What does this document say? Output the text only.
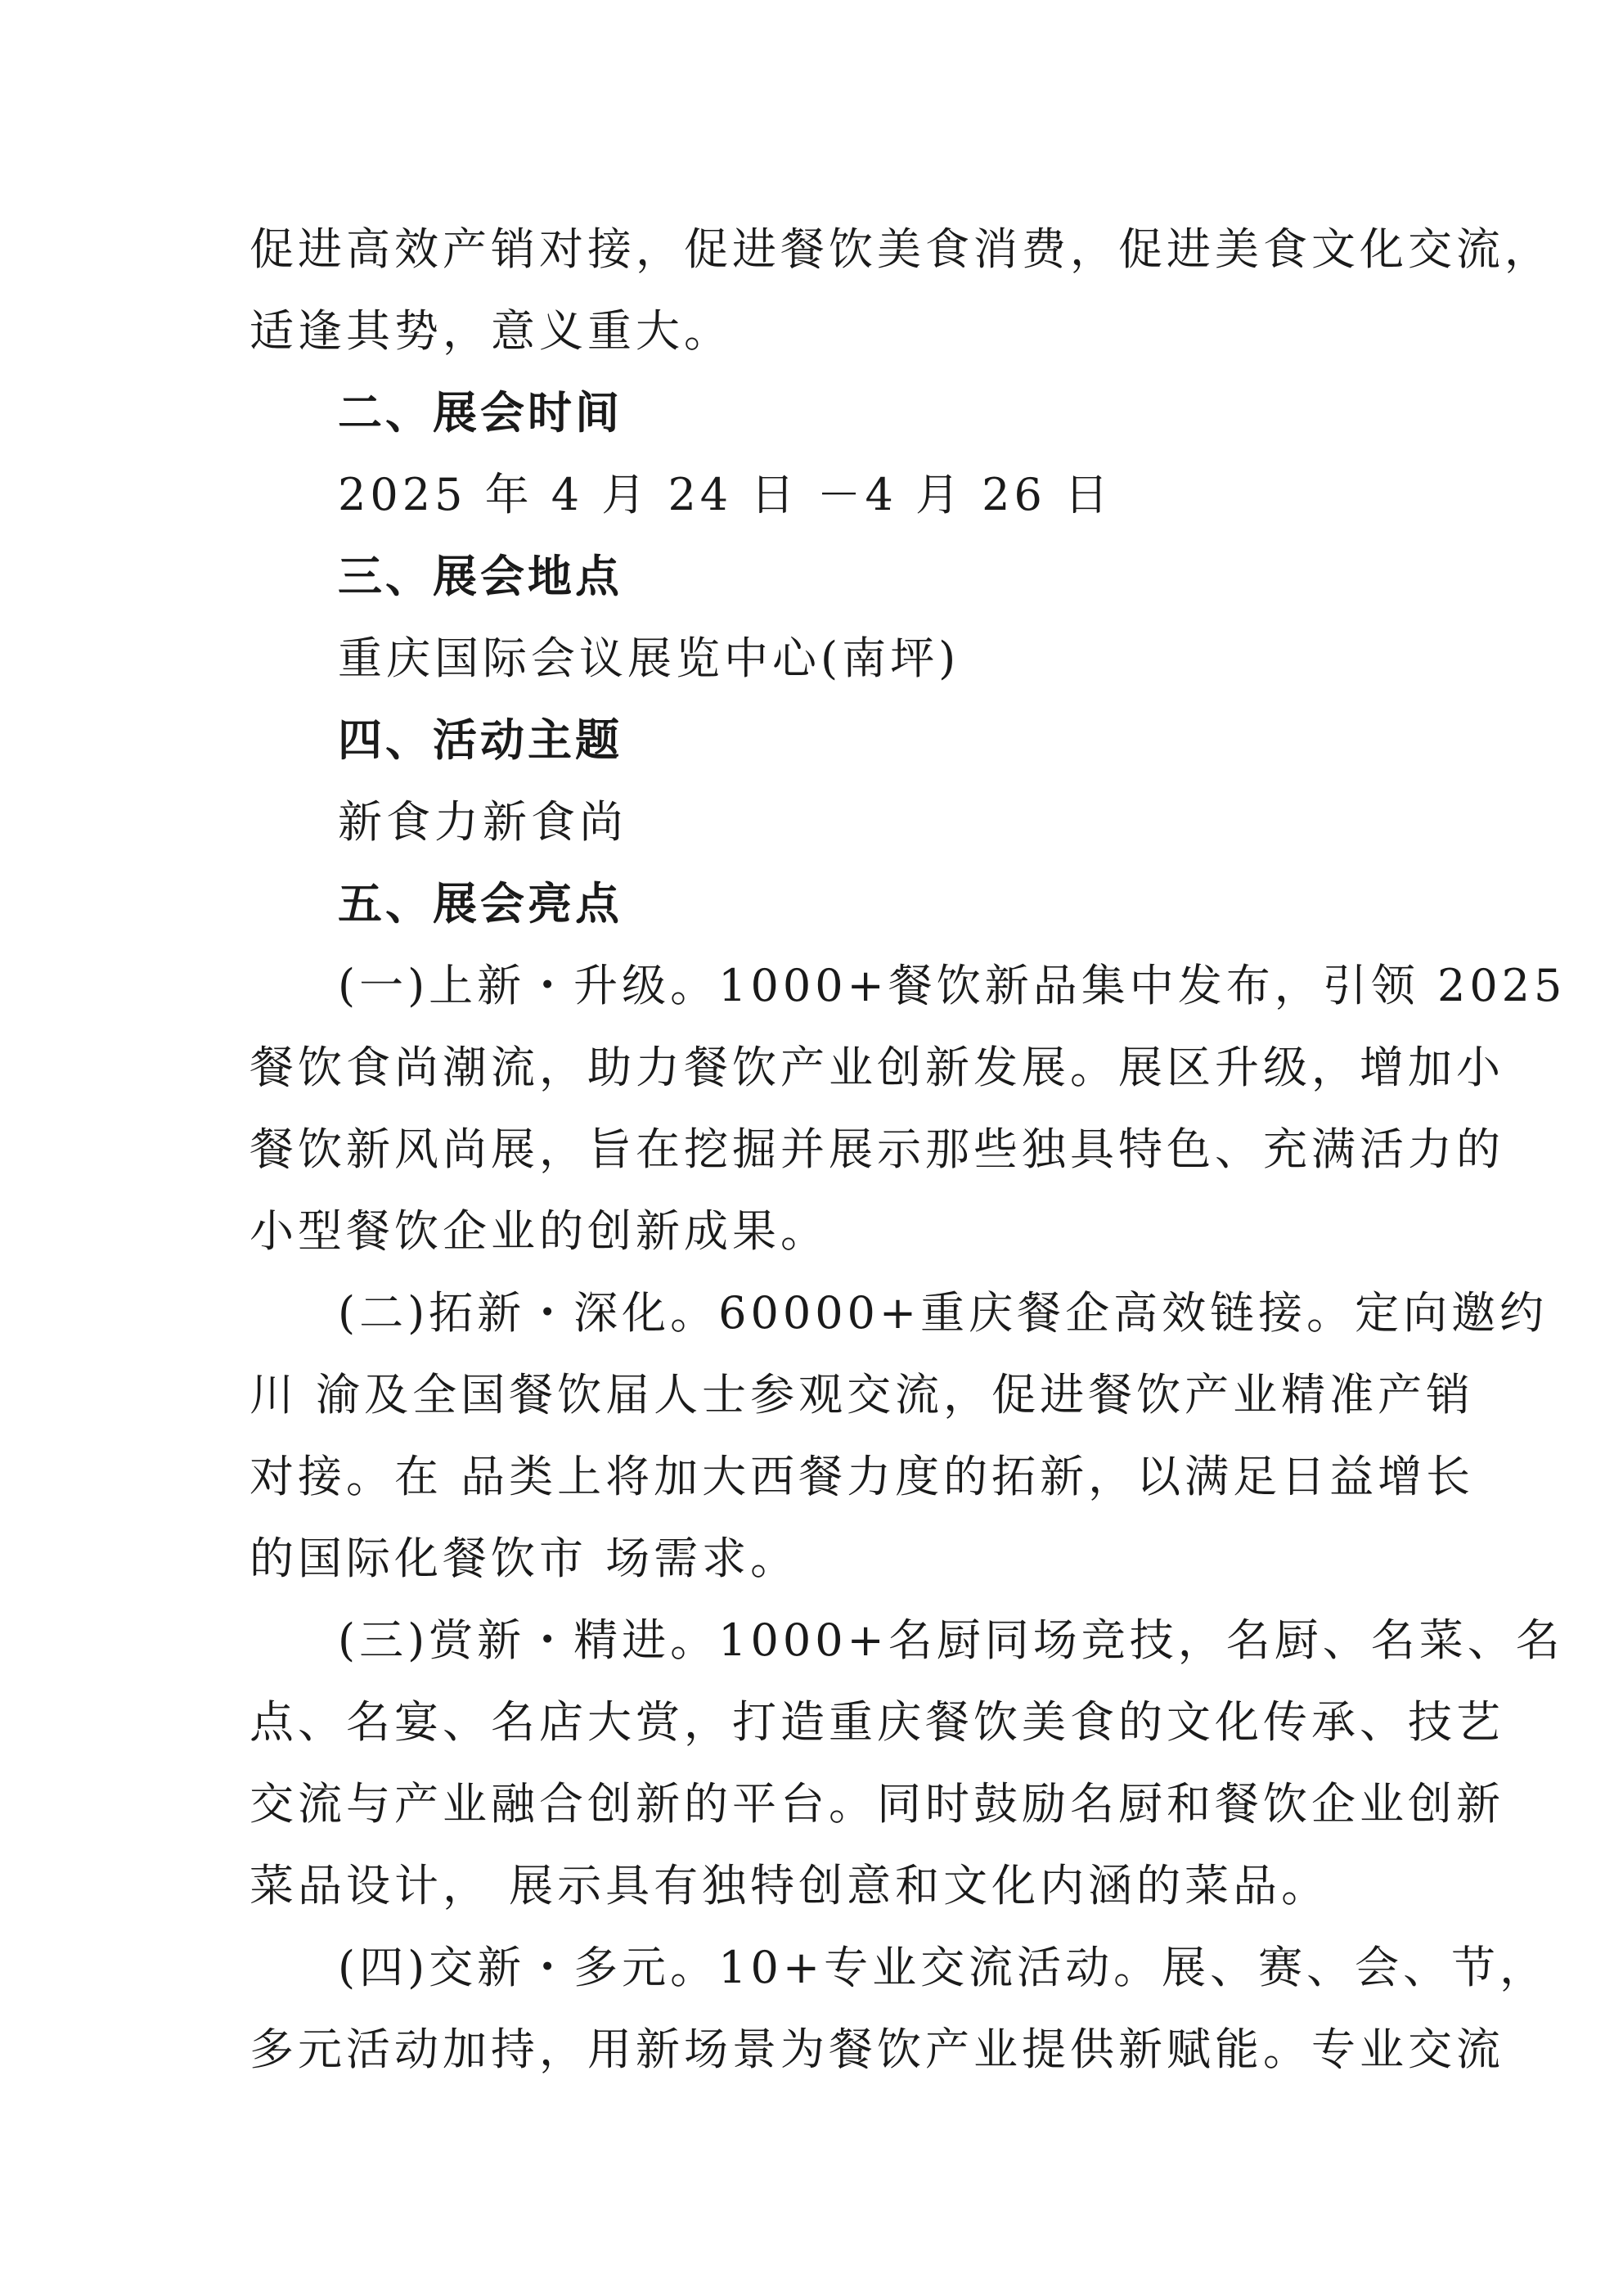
促进高效产销对接，促进餐饮美食消费，促进美食文化交流，
适逢其势，意义重大。
二、展会时间
2025 年 4 月 24 日 －4 月 26 日
三、展会地点
重庆国际会议展览中心(南坪)
四、活动主题
新食力新食尚
五、展会亮点
(一)上新・升级。1000+餐饮新品集中发布，引领 2025
餐饮食尚潮流，助力餐饮产业创新发展。展区升级，增加小
餐饮新风尚展，旨在挖掘并展示那些独具特色、充满活力的
小型餐饮企业的创新成果。
(二)拓新・深化。60000+重庆餐企高效链接。定向邀约
川 渝及全国餐饮届人士参观交流，促进餐饮产业精准产销
对接。在 品类上将加大西餐力度的拓新，以满足日益增长
的国际化餐饮市 场需求。
(三)赏新・精进。1000+名厨同场竞技，名厨、名菜、名
点、名宴、名店大赏，打造重庆餐饮美食的文化传承、技艺
交流与产业融合创新的平台。同时鼓励名厨和餐饮企业创新
菜品设计， 展示具有独特创意和文化内涵的菜品。
(四)交新・多元。10+专业交流活动。展、赛、会、节，
多元活动加持，用新场景为餐饮产业提供新赋能。专业交流
